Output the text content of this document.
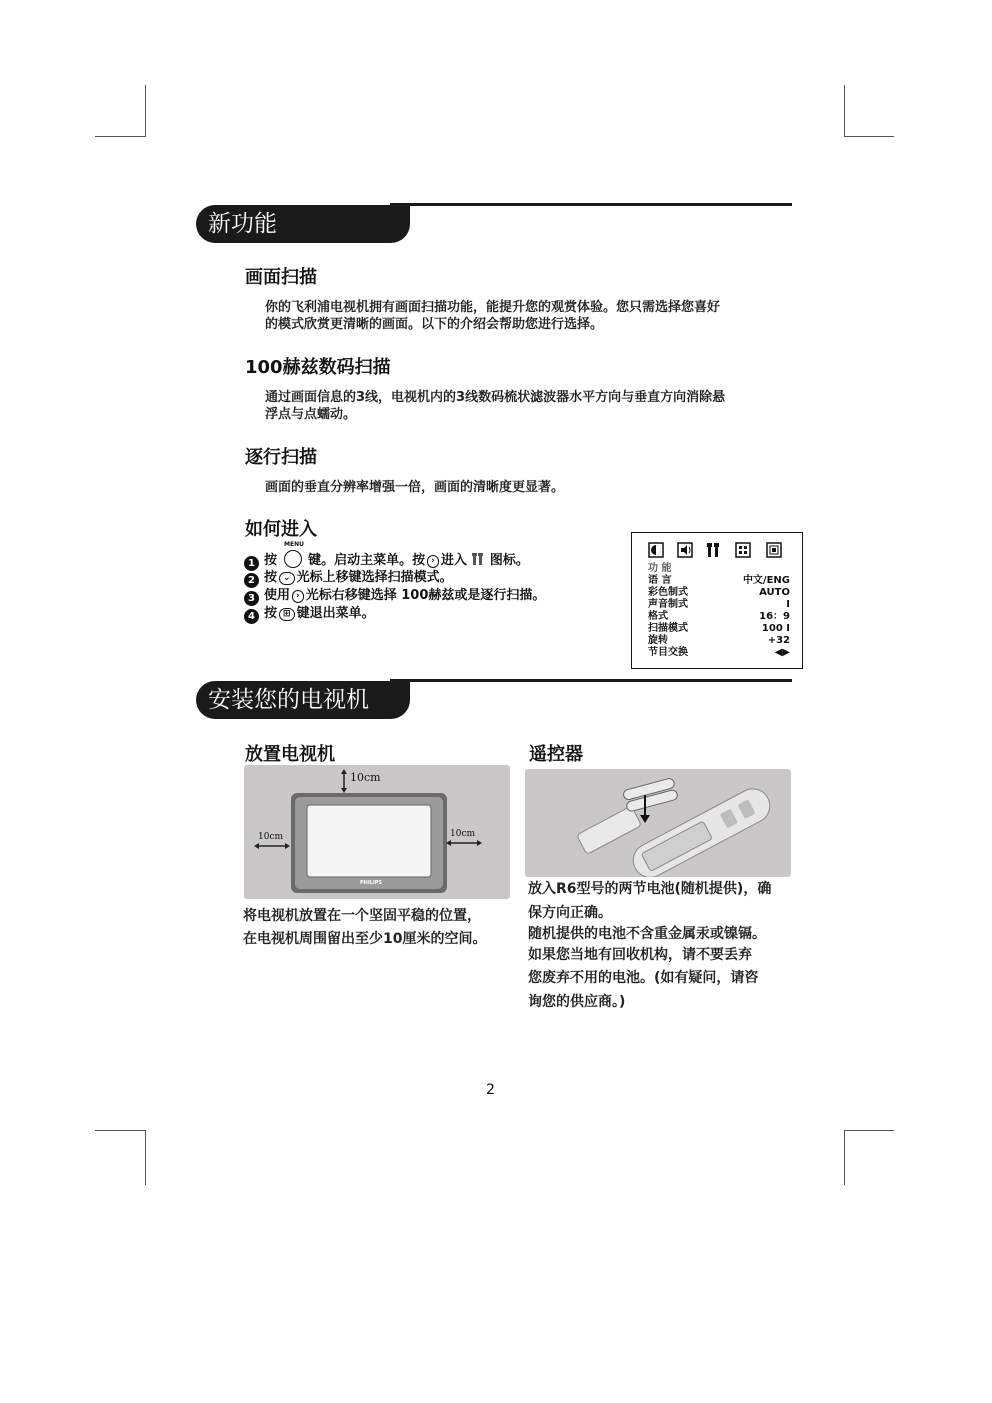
新功能
画面扫描
你的飞利浦电视机拥有画面扫描功能，能提升您的观赏体验。您只需选择您喜好
的模式欣赏更清晰的画面。以下的介绍会帮助您进行选择。
100赫兹数码扫描
通过画面信息的3线，电视机内的3线数码梳状滤波器水平方向与垂直方向消除悬
浮点与点蠕动。
逐行扫描
画面的垂直分辨率增强一倍，画面的清晰度更显著。
如何进入
MENU
1 按 键。启动主菜单。按 › 进入 图标。
2 按 ⌄ 光标上移键选择扫描模式。
3 使用 › 光标右移键选择 100赫兹或是逐行扫描。
4 按 ⊞ 键退出菜单。
功 能
语 言	中文/ENG
彩色制式	AUTO
声音制式	I
格式	16：9
扫描模式	100 I
旋转	+32
节目交换	◀▶
安装您的电视机
放置电视机
10cm
10cm	10cm
PHILIPS
将电视机放置在一个坚固平稳的位置，
在电视机周围留出至少10厘米的空间。
遥控器
放入R6型号的两节电池(随机提供)，确
保方向正确。
随机提供的电池不含重金属汞或镍镉。
如果您当地有回收机构，请不要丢弃
您废弃不用的电池。(如有疑问，请咨
询您的供应商。)
2
